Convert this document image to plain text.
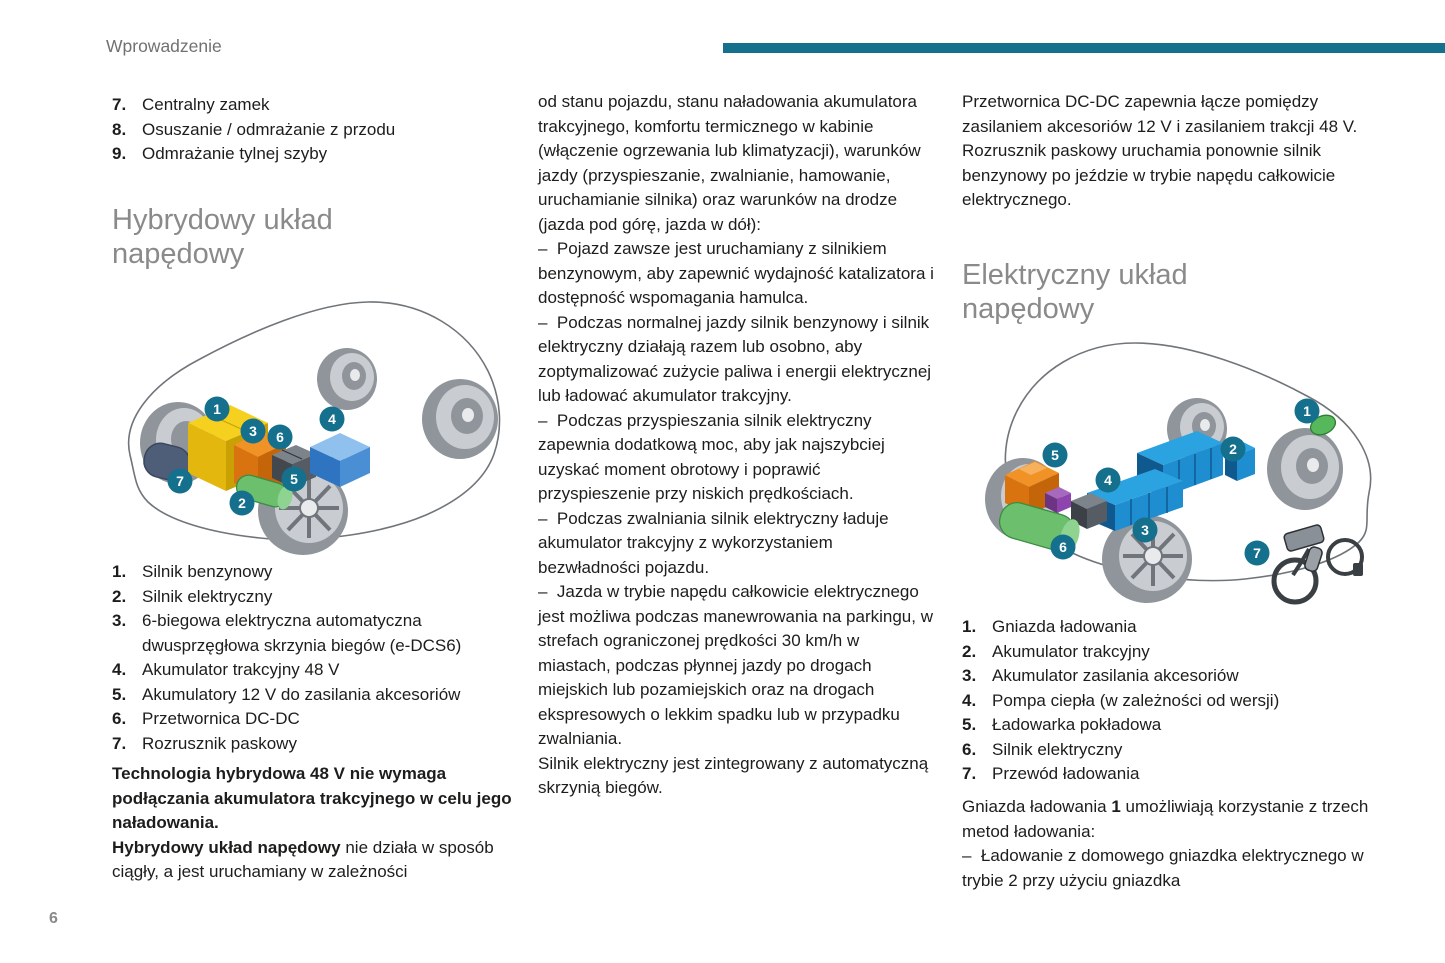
Wprowadzenie
7. Centralny zamek
8. Osuszanie / odmrażanie z przodu
9. Odmrażanie tylnej szyby
Hybrydowy układ napędowy
1
3 6
4
5
7
2
1. Silnik benzynowy
2. Silnik elektryczny
3. 6-biegowa elektryczna automatyczna dwusprzęgłowa skrzynia biegów (e-DCS6)
4. Akumulator trakcyjny 48 V
5. Akumulatory 12 V do zasilania akcesoriów
6. Przetwornica DC-DC
7. Rozrusznik paskowy

Technologia hybrydowa 48 V nie wymaga podłączania akumulatora trakcyjnego w celu jego naładowania.

Hybrydowy układ napędowy nie działa w sposób ciągły, a jest uruchamiany w zależności

od stanu pojazdu, stanu naładowania akumulatora trakcyjnego, komfortu termicznego w kabinie (włączenie ogrzewania lub klimatyzacji), warunków jazdy (przyspieszanie, zwalnianie, hamowanie, uruchamianie silnika) oraz warunków na drodze (jazda pod górę, jazda w dół):

–  Pojazd zawsze jest uruchamiany z silnikiem benzynowym, aby zapewnić wydajność katalizatora i dostępność wspomagania hamulca.

–  Podczas normalnej jazdy silnik benzynowy i silnik elektryczny działają razem lub osobno, aby zoptymalizować zużycie paliwa i energii elektrycznej lub ładować akumulator trakcyjny.

–  Podczas przyspieszania silnik elektryczny zapewnia dodatkową moc, aby jak najszybciej uzyskać moment obrotowy i poprawić przyspieszenie przy niskich prędkościach.

–  Podczas zwalniania silnik elektryczny ładuje akumulator trakcyjny z wykorzystaniem bezwładności pojazdu.

–  Jazda w trybie napędu całkowicie elektrycznego jest możliwa podczas manewrowania na parkingu, w strefach ograniczonej prędkości 30 km/h w miastach, podczas płynnej jazdy po drogach miejskich lub pozamiejskich oraz na drogach ekspresowych o lekkim spadku lub w przypadku zwalniania.

Silnik elektryczny jest zintegrowany z automatyczną skrzynią biegów.

Przetwornica DC-DC zapewnia łącze pomiędzy zasilaniem akcesoriów 12 V i zasilaniem trakcji 48 V.

Rozrusznik paskowy uruchamia ponownie silnik benzynowy po jeździe w trybie napędu całkowicie elektrycznego.

Elektryczny układ napędowy
1
2
5
4
3
6	7
1. Gniazda ładowania
2. Akumulator trakcyjny
3. Akumulator zasilania akcesoriów
4. Pompa ciepła (w zależności od wersji)
5. Ładowarka pokładowa
6. Silnik elektryczny
7. Przewód ładowania

Gniazda ładowania 1 umożliwiają korzystanie z trzech metod ładowania:

–  Ładowanie z domowego gniazdka elektrycznego w trybie 2 przy użyciu gniazdka

6
